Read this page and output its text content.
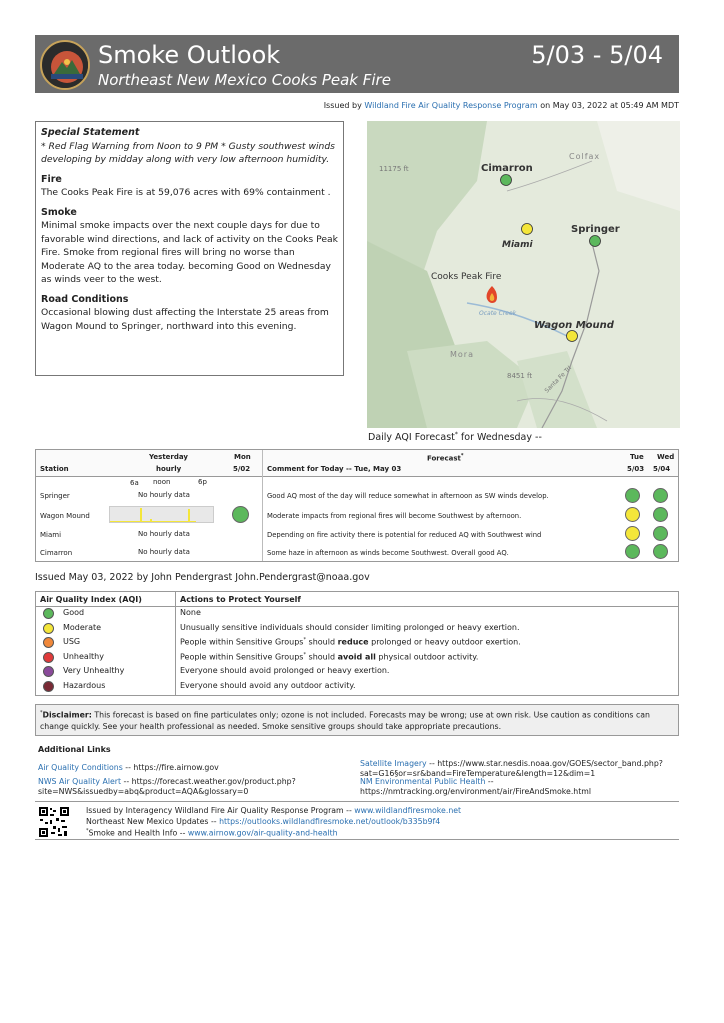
Smoke Outlook
Northeast New Mexico Cooks Peak Fire
5/03 - 5/04
Issued by Wildland Fire Air Quality Response Program on May 03, 2022 at 05:49 AM MDT
Special Statement

* Red Flag Warning from Noon to 9 PM * Gusty southwest winds developing by midday along with very low afternoon humidity.

Fire

The Cooks Peak Fire is at 59,076 acres with 69% containment .

Smoke

Minimal smoke impacts over the next couple days for due to favorable wind directions, and lack of activity on the Cooks Peak Fire. Smoke from regional fires will bring no worse than Moderate AQ to the area today. becoming Good on Wednesday as winds veer to the west.

Road Conditions

Occasional blowing dust affecting the Interstate 25 areas from Wagon Mound to Springer, northward into this evening.

11175 ft
Colfax
Cimarron
Springer
Miami
Cooks Peak Fire
Ocate Creek
Wagon Mound
Mora
8451 ft Santa Fe Trl
Daily AQI Forecast* for Wednesday --
Station
Yesterday
hourly
Mon
5/02
Forecast*
Comment for Today -- Tue, May 03
Tue
5/03
Wed
5/04
6a noon	6p
Springer	No hourly data	Good AQ most of the day will reduce somewhat in afternoon as SW winds develop.
Wagon Mound	Moderate impacts from regional fires will become Southwest by afternoon.
Miami	No hourly data	Depending on fire activity there is potential for reduced AQ with Southwest wind
Cimarron	No hourly data	Some haze in afternoon as winds become Southwest. Overall good AQ.
Issued May 03, 2022 by John Pendergrast John.Pendergrast@noaa.gov
Air Quality Index (AQI)	Actions to Protect Yourself
Good	None
Moderate	Unusually sensitive individuals should consider limiting prolonged or heavy exertion.
USG	People within Sensitive Groups* should reduce prolonged or heavy outdoor exertion.
Unhealthy	People within Sensitive Groups* should avoid all physical outdoor activity.
Very Unhealthy	Everyone should avoid prolonged or heavy exertion.
Hazardous	Everyone should avoid any outdoor activity.
*Disclaimer: This forecast is based on fine particulates only; ozone is not included. Forecasts may be wrong; use at own risk. Use caution as conditions can change quickly. See your health professional as needed. Smoke sensitive groups should take appropriate precautions.
Additional Links
Air Quality Conditions -- https://fire.airnow.gov
NWS Air Quality Alert -- https://forecast.weather.gov/product.php?
site=NWS&issuedby=abq&product=AQA&glossary=0
Satellite Imagery -- https://www.star.nesdis.noaa.gov/GOES/sector_band.php?
sat=G16§or=sr&band=FireTemperature&length=12&dim=1
NM Environmental Public Health --
https://nmtracking.org/environment/air/FireAndSmoke.html
Issued by Interagency Wildland Fire Air Quality Response Program -- www.wildlandfiresmoke.net
Northeast New Mexico Updates -- https://outlooks.wildlandfiresmoke.net/outlook/b335b9f4
*Smoke and Health Info -- www.airnow.gov/air-quality-and-health
